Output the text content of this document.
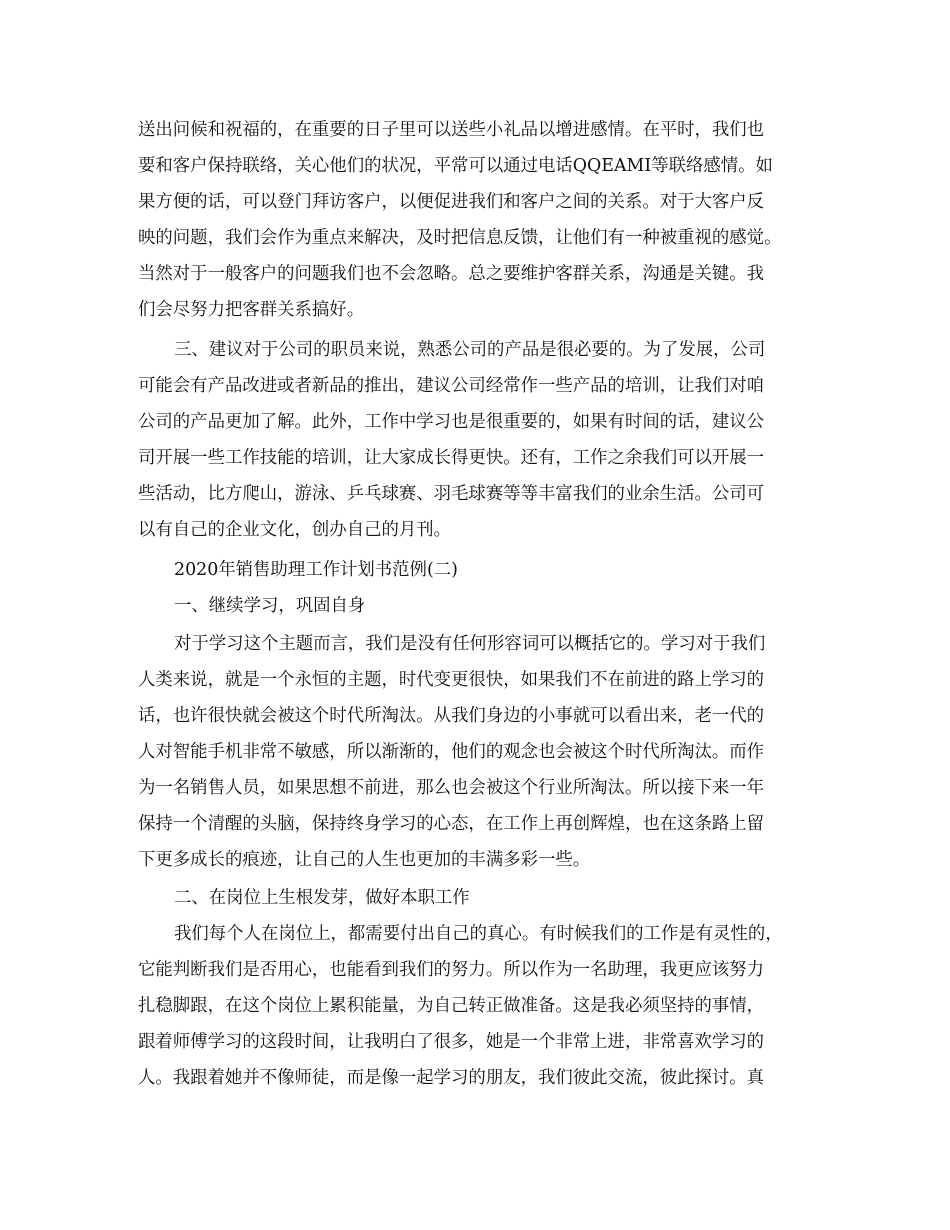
送出问候和祝福的，在重要的日子里可以送些小礼品以增进感情。在平时，我们也
要和客户保持联络，关心他们的状况，平常可以通过电话QQEAMI等联络感情。如
果方便的话，可以登门拜访客户，以便促进我们和客户之间的关系。对于大客户反
映的问题，我们会作为重点来解决，及时把信息反馈，让他们有一种被重视的感觉。
当然对于一般客户的问题我们也不会忽略。总之要维护客群关系，沟通是关键。我
们会尽努力把客群关系搞好。
三、建议对于公司的职员来说，熟悉公司的产品是很必要的。为了发展，公司
可能会有产品改进或者新品的推出，建议公司经常作一些产品的培训，让我们对咱
公司的产品更加了解。此外，工作中学习也是很重要的，如果有时间的话，建议公
司开展一些工作技能的培训，让大家成长得更快。还有，工作之余我们可以开展一
些活动，比方爬山，游泳、乒乓球赛、羽毛球赛等等丰富我们的业余生活。公司可
以有自己的企业文化，创办自己的月刊。
2020年销售助理工作计划书范例(二)
一、继续学习，巩固自身
对于学习这个主题而言，我们是没有任何形容词可以概括它的。学习对于我们
人类来说，就是一个永恒的主题，时代变更很快，如果我们不在前进的路上学习的
话，也许很快就会被这个时代所淘汰。从我们身边的小事就可以看出来，老一代的
人对智能手机非常不敏感，所以渐渐的，他们的观念也会被这个时代所淘汰。而作
为一名销售人员，如果思想不前进，那么也会被这个行业所淘汰。所以接下来一年
保持一个清醒的头脑，保持终身学习的心态，在工作上再创辉煌，也在这条路上留
下更多成长的痕迹，让自己的人生也更加的丰满多彩一些。
二、在岗位上生根发芽，做好本职工作
我们每个人在岗位上，都需要付出自己的真心。有时候我们的工作是有灵性的，
它能判断我们是否用心，也能看到我们的努力。所以作为一名助理，我更应该努力
扎稳脚跟，在这个岗位上累积能量，为自己转正做准备。这是我必须坚持的事情，
跟着师傅学习的这段时间，让我明白了很多，她是一个非常上进，非常喜欢学习的
人。我跟着她并不像师徒，而是像一起学习的朋友，我们彼此交流，彼此探讨。真
